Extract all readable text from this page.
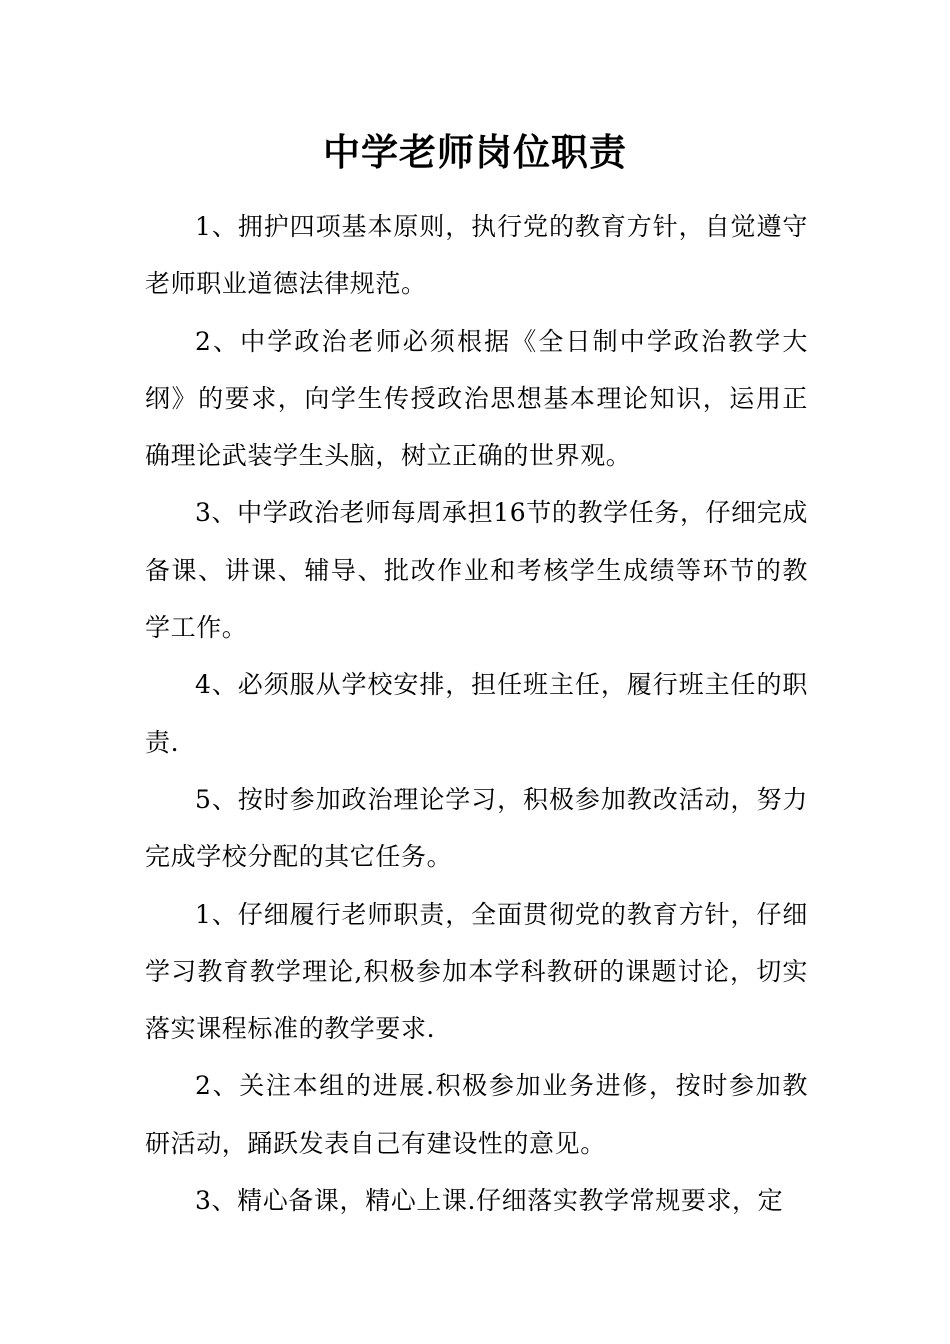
中学老师岗位职责

1、拥护四项基本原则，执行党的教育方针，自觉遵守老师职业道德法律规范。

2、中学政治老师必须根据《全日制中学政治教学大纲》的要求，向学生传授政治思想基本理论知识，运用正确理论武装学生头脑，树立正确的世界观。

3、中学政治老师每周承担16节的教学任务，仔细完成备课、讲课、辅导、批改作业和考核学生成绩等环节的教学工作。

4、必须服从学校安排，担任班主任，履行班主任的职责.

5、按时参加政治理论学习，积极参加教改活动，努力完成学校分配的其它任务。

1、仔细履行老师职责，全面贯彻党的教育方针，仔细学习教育教学理论,积极参加本学科教研的课题讨论，切实落实课程标准的教学要求.

2、关注本组的进展.积极参加业务进修，按时参加教研活动，踊跃发表自己有建设性的意见。

3、精心备课，精心上课.仔细落实教学常规要求，定
